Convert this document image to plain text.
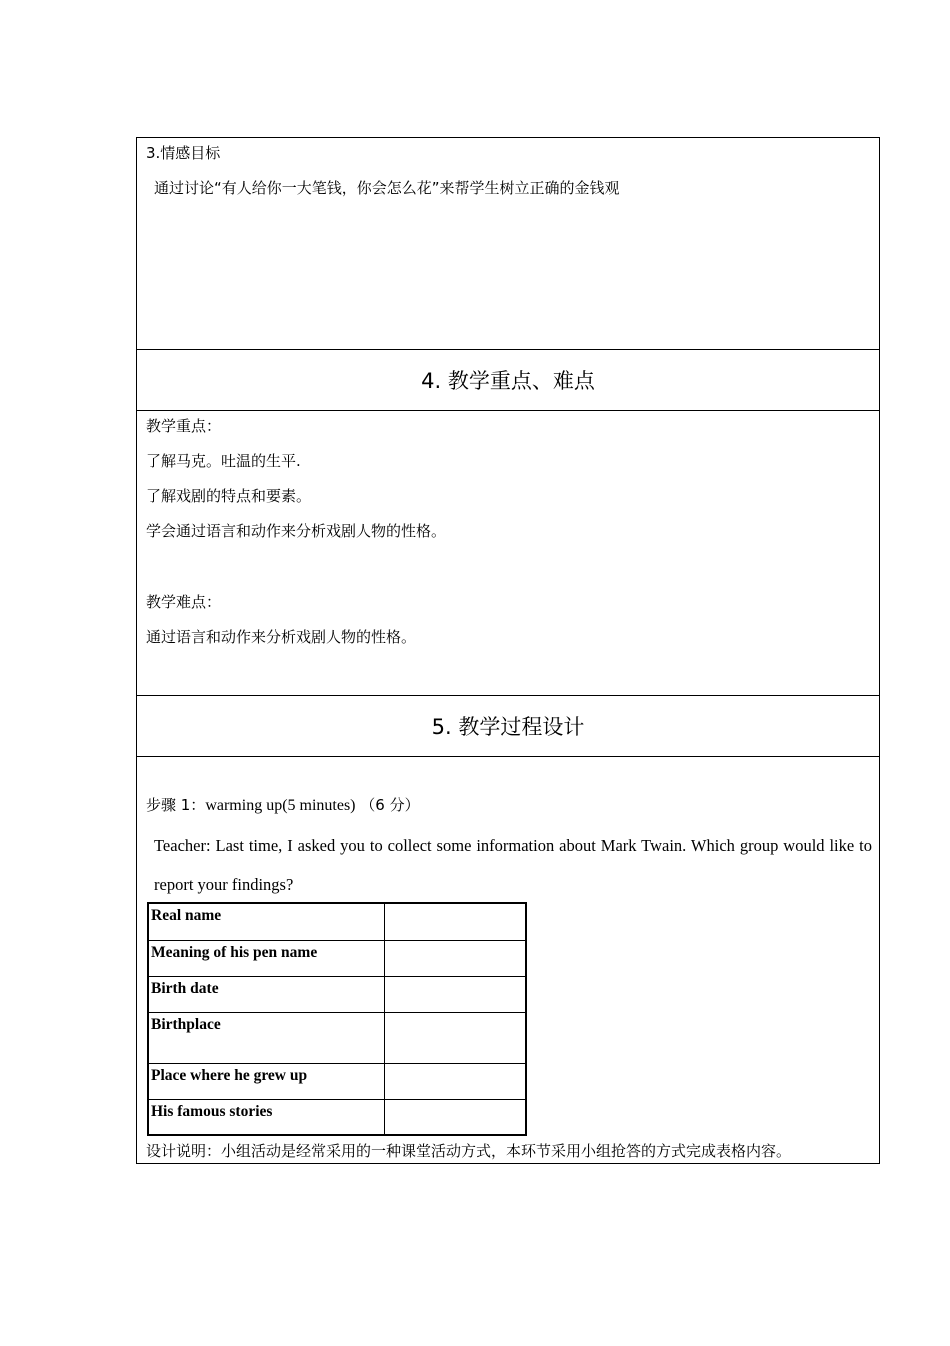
3.情感目标
通过讨论“有人给你一大笔钱，你会怎么花”来帮学生树立正确的金钱观
4. 教学重点、难点
教学重点：
了解马克。吐温的生平.
了解戏剧的特点和要素。
学会通过语言和动作来分析戏剧人物的性格。
教学难点：
通过语言和动作来分析戏剧人物的性格。
5. 教学过程设计
步骤 1：warming up(5 minutes) （6 分）
Teacher: Last time, I asked you to collect some information about Mark Twain. Which group would like to report your findings?
Real name	
Meaning of his pen name	
Birth date	
Birthplace	
Place where he grew up	
His famous stories	
设计说明：小组活动是经常采用的一种课堂活动方式，本环节采用小组抢答的方式完成表格内容。
